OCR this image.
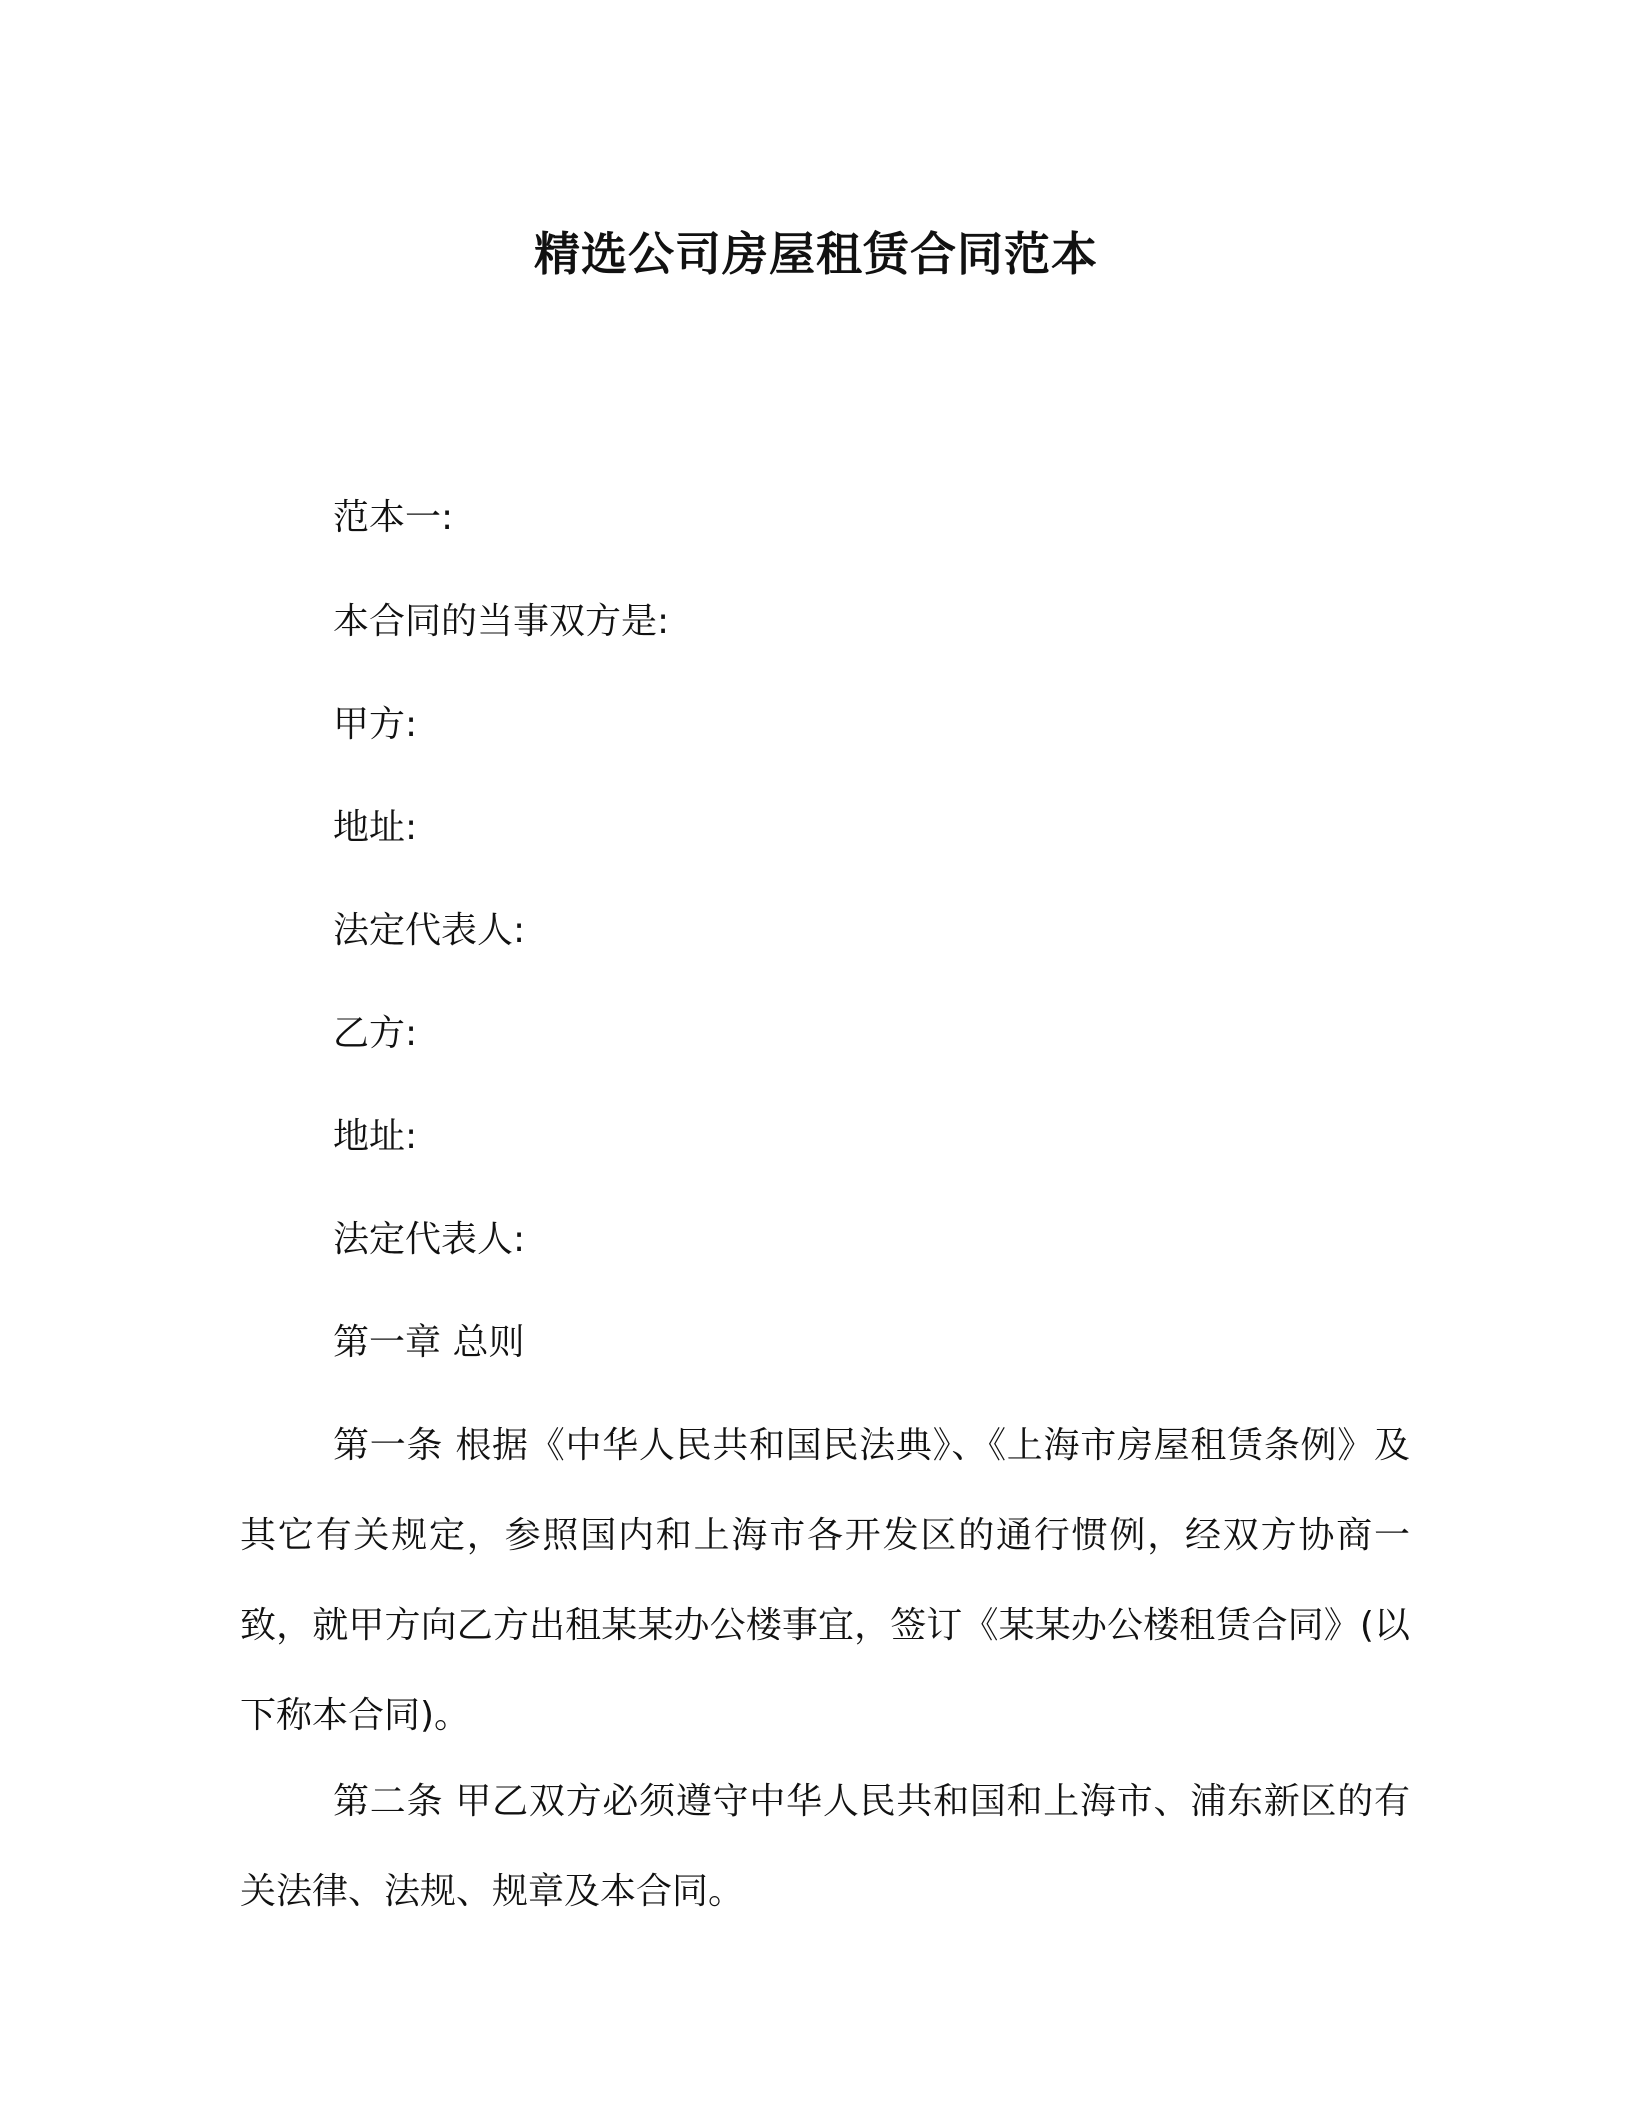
精选公司房屋租赁合同范本
范本一:
本合同的当事双方是:
甲方:
地址:
法定代表人:
乙方:
地址:
法定代表人:
第一章 总则

第一条 根据《中华人民共和国民法典》、《上海市房屋租赁条例》及其它有关规定，参照国内和上海市各开发区的通行惯例，经双方协商一致，就甲方向乙方出租某某办公楼事宜，签订《某某办公楼租赁合同》(以下称本合同)。

第二条 甲乙双方必须遵守中华人民共和国和上海市、浦东新区的有关法律、法规、规章及本合同。
